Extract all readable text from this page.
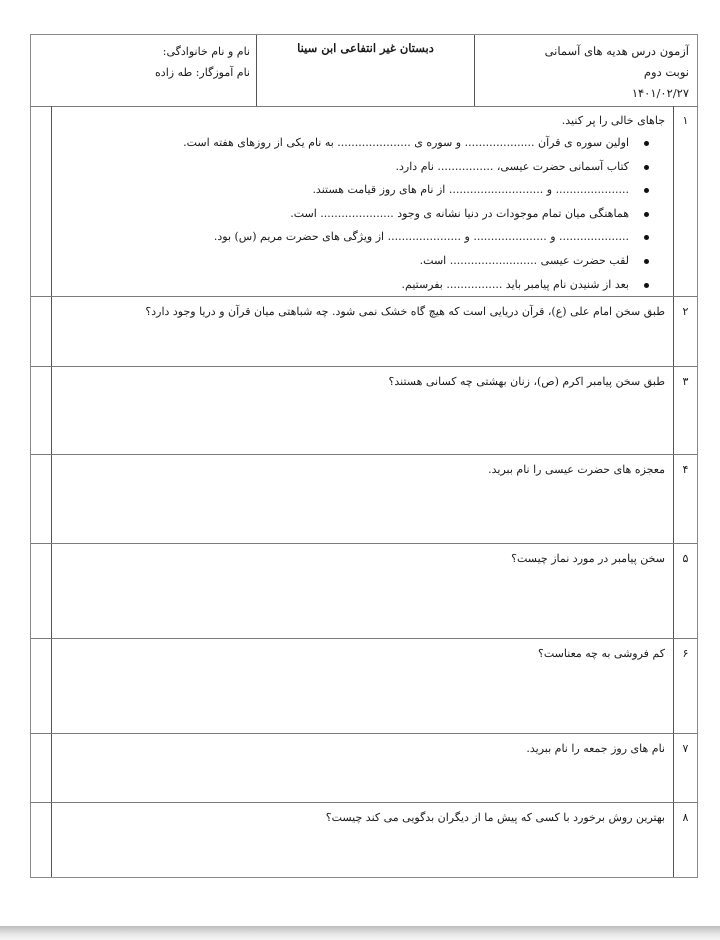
آزمون درس هدیه های آسمانی
نوبت دوم
۱۴۰۱/۰۲/۲۷
دبستان غیر انتفاعی ابن سینا
نام و نام خانوادگی:
نام آموزگار: طه زاده
۱
جاهای خالی را پر کنید.
اولین سوره ی قرآن .................... و سوره ی ..................... به نام یکی از روزهای هفته است.
کتاب آسمانی حضرت عیسی، ................ نام دارد.
..................... و ........................... از نام های روز قیامت هستند.
هماهنگی میان تمام موجودات در دنیا نشانه ی وجود ..................... است.
.................... و ..................... و ..................... از ویژگی های حضرت مریم (س) بود.
لقب حضرت عیسی ......................... است.
بعد از شنیدن نام پیامبر باید ................ بفرستیم.
۲
طبق سخن امام علی (ع)، قرآن دریایی است که هیچ گاه خشک نمی شود. چه شباهتی میان قرآن و دریا وجود دارد؟
۳
طبق سخن پیامبر اکرم (ص)، زنان بهشتی چه کسانی هستند؟
۴
معجزه های حضرت عیسی را نام ببرید.
۵
سخن پیامبر در مورد نماز چیست؟
۶
کم فروشی به چه معناست؟
۷
نام های روز جمعه را نام ببرید.
۸
بهترین روش برخورد با کسی که پیش ما از دیگران بدگویی می کند چیست؟
